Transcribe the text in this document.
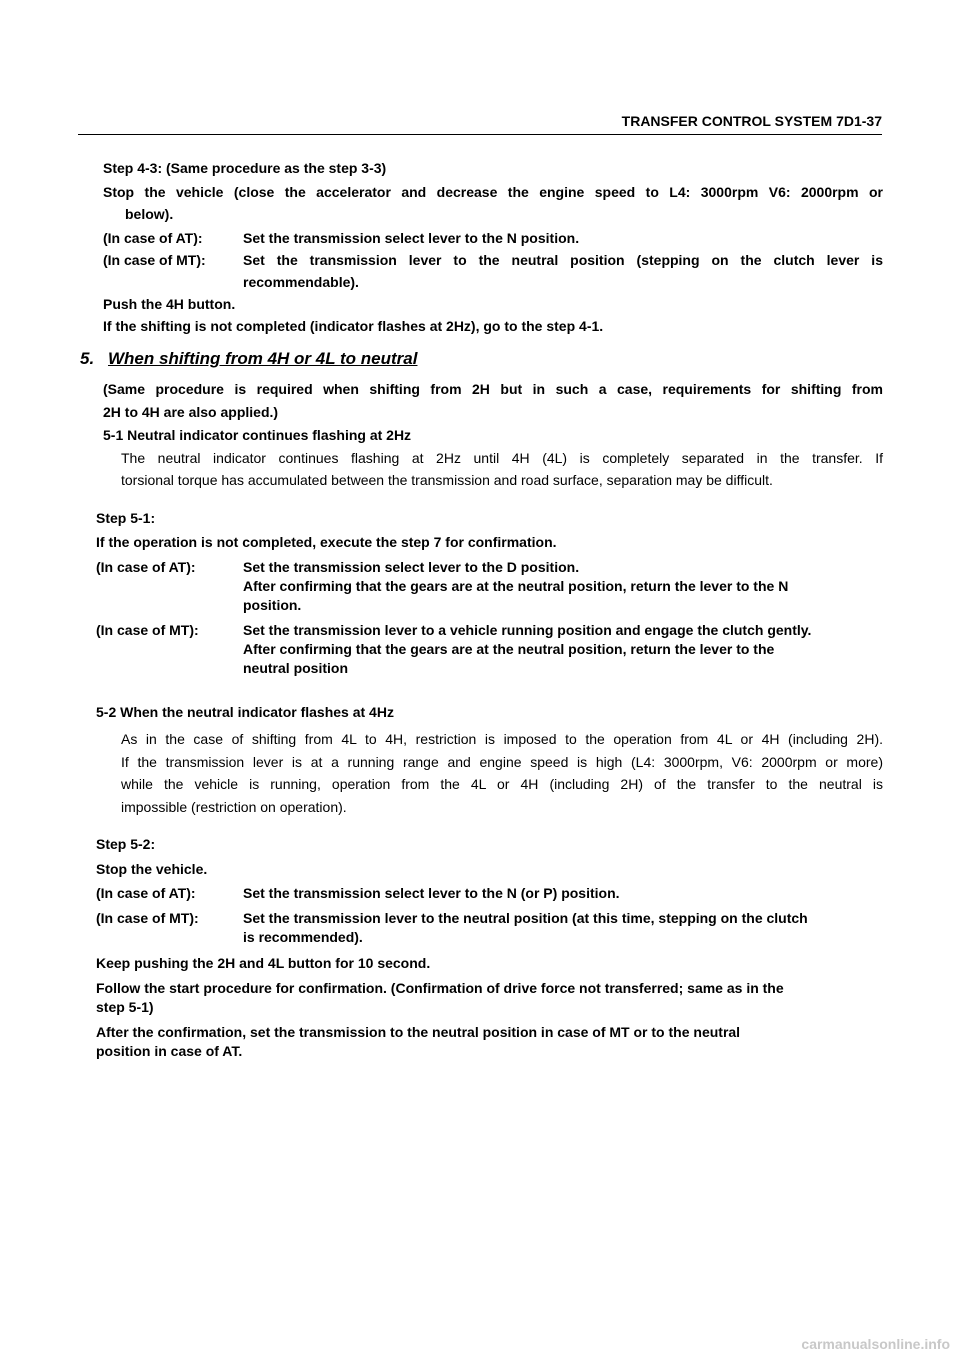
TRANSFER CONTROL SYSTEM 7D1-37
Step 4-3: (Same procedure as the step 3-3)
Stop the vehicle (close the accelerator and decrease the engine speed to L4: 3000rpm V6: 2000rpm or
below).
(In case of AT):	Set the transmission select lever to the N position.
(In case of MT):	Set the transmission lever to the neutral position (stepping on the clutch lever is
recommendable).
Push the 4H button.
If the shifting is not completed (indicator flashes at 2Hz), go to the step 4-1.
5. When shifting from 4H or 4L to neutral
(Same procedure is required when shifting from 2H but in such a case, requirements for shifting from
2H to 4H are also applied.)
5-1 Neutral indicator continues flashing at 2Hz
The neutral indicator continues flashing at 2Hz until 4H (4L) is completely separated in the transfer. If
torsional torque has accumulated between the transmission and road surface, separation may be difficult.
Step 5-1:
If the operation is not completed, execute the step 7 for confirmation.
(In case of AT):	Set the transmission select lever to the D position.
After confirming that the gears are at the neutral position, return the lever to the N
position.
(In case of MT):	Set the transmission lever to a vehicle running position and engage the clutch gently.
After confirming that the gears are at the neutral position, return the lever to the
neutral position
5-2 When the neutral indicator flashes at 4Hz
As in the case of shifting from 4L to 4H, restriction is imposed to the operation from 4L or 4H (including 2H).
If the transmission lever is at a running range and engine speed is high (L4: 3000rpm, V6: 2000rpm or more)
while the vehicle is running, operation from the 4L or 4H (including 2H) of the transfer to the neutral is
impossible (restriction on operation).
Step 5-2:
Stop the vehicle.
(In case of AT):	Set the transmission select lever to the N (or P) position.
(In case of MT):	Set the transmission lever to the neutral position (at this time, stepping on the clutch
is recommended).
Keep pushing the 2H and 4L button for 10 second.
Follow the start procedure for confirmation. (Confirmation of drive force not transferred; same as in the
step 5-1)
After the confirmation, set the transmission to the neutral position in case of MT or to the neutral
position in case of AT.
carmanualsonline.info
